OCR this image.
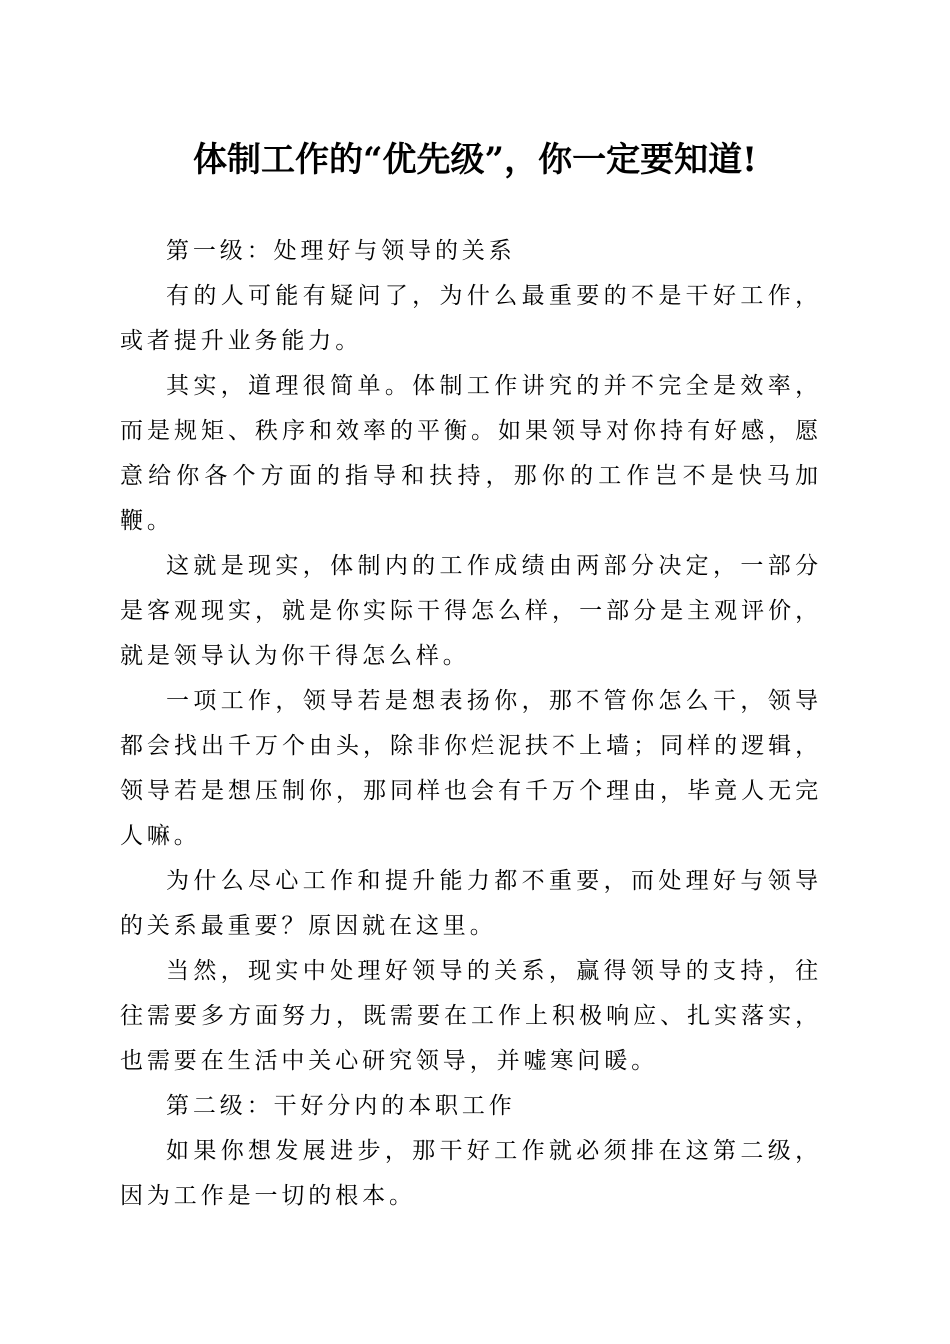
体制工作的“优先级”，你一定要知道!

第一级：处理好与领导的关系

有的人可能有疑问了，为什么最重要的不是干好工作，或者提升业务能力。

其实，道理很简单。体制工作讲究的并不完全是效率，而是规矩、秩序和效率的平衡。如果领导对你持有好感，愿意给你各个方面的指导和扶持，那你的工作岂不是快马加鞭。

这就是现实，体制内的工作成绩由两部分决定，一部分是客观现实，就是你实际干得怎么样，一部分是主观评价，就是领导认为你干得怎么样。

一项工作，领导若是想表扬你，那不管你怎么干，领导都会找出千万个由头，除非你烂泥扶不上墙；同样的逻辑，领导若是想压制你，那同样也会有千万个理由，毕竟人无完人嘛。

为什么尽心工作和提升能力都不重要，而处理好与领导的关系最重要？原因就在这里。

当然，现实中处理好领导的关系，赢得领导的支持，往往需要多方面努力，既需要在工作上积极响应、扎实落实，也需要在生活中关心研究领导，并嘘寒问暖。

第二级：干好分内的本职工作

如果你想发展进步，那干好工作就必须排在这第二级，因为工作是一切的根本。
